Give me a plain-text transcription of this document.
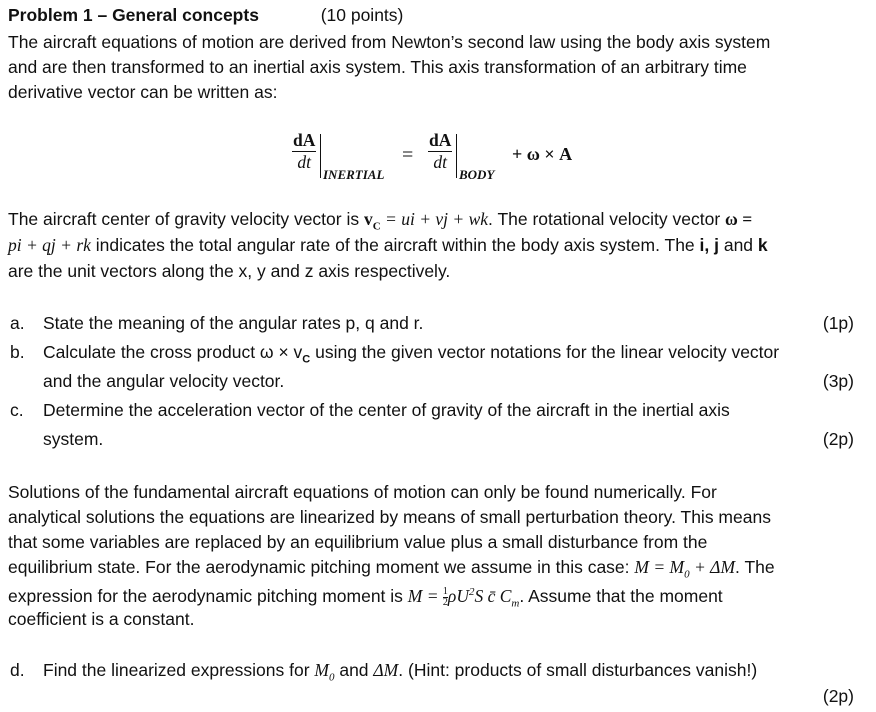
Problem 1 – General concepts	(10 points)
The aircraft equations of motion are derived from Newton’s second law using the body axis system
and are then transformed to an inertial axis system. This axis transformation of an arbitrary time
derivative vector can be written as:
$\frac{dA}{dt}$
INERTIAL
= $\frac{dA}{dt}$
BODY
+ ω × A
The aircraft center of gravity velocity vector is $v_C$ = ui + vj + wk. The rotational velocity vector ω =
pi + qj + rk indicates the total angular rate of the aircraft within the body axis system. The i, j and k
are the unit vectors along the x, y and z axis respectively.
a. State the meaning of the angular rates p, q and r.	(1p)
b. Calculate the cross product $\omega \times v_C$ using the given vector notations for the linear velocity vector
and the angular velocity vector.	(3p)
c. Determine the acceleration vector of the center of gravity of the aircraft in the inertial axis
system.	(2p)
Solutions of the fundamental aircraft equations of motion can only be found numerically. For
analytical solutions the equations are linearized by means of small perturbation theory. This means
that some variables are replaced by an equilibrium value plus a small disturbance from the
equilibrium state. For the aerodynamic pitching moment we assume in this case: $M = M_0 + \Delta M$. The
expression for the aerodynamic pitching moment is $M = \frac{1}{2} \rho U^2S$ c̄ $C_m$. Assume that the moment
coefficient is a constant.
d. Find the linearized expressions for $M_0$ and ΔM. (Hint: products of small disturbances vanish!)
(2p)
